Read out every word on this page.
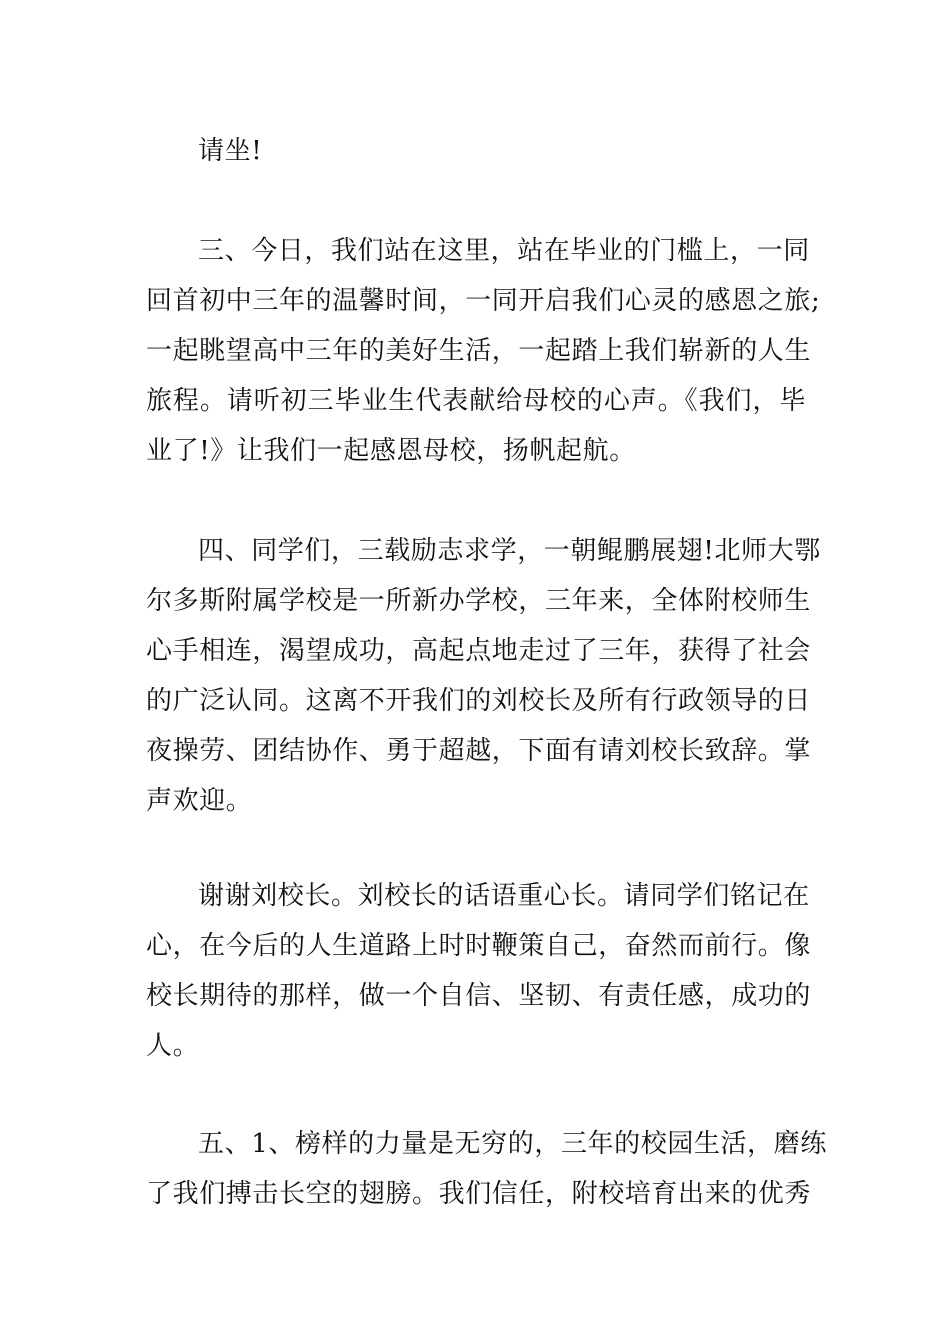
请坐!

三、今日，我们站在这里，站在毕业的门槛上，一同

回首初中三年的温馨时间，一同开启我们心灵的感恩之旅;

一起眺望高中三年的美好生活，一起踏上我们崭新的人生

旅程。请听初三毕业生代表献给母校的心声。《我们，毕

业了!》让我们一起感恩母校，扬帆起航。

四、同学们，三载励志求学，一朝鲲鹏展翅!北师大鄂

尔多斯附属学校是一所新办学校，三年来，全体附校师生

心手相连，渴望成功，高起点地走过了三年，获得了社会

的广泛认同。这离不开我们的刘校长及所有行政领导的日

夜操劳、团结协作、勇于超越，下面有请刘校长致辞。掌

声欢迎。

谢谢刘校长。刘校长的话语重心长。请同学们铭记在

心，在今后的人生道路上时时鞭策自己，奋然而前行。像

校长期待的那样，做一个自信、坚韧、有责任感，成功的

人。

五、1、榜样的力量是无穷的，三年的校园生活，磨练

了我们搏击长空的翅膀。我们信任，附校培育出来的优秀
